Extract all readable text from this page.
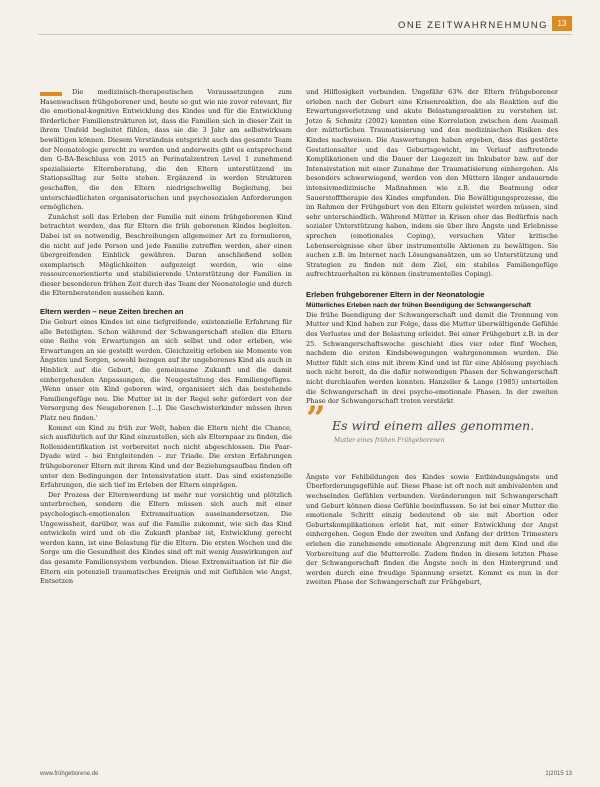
ONE ZEITWAHRNEHMUNG	13

Die medizinisch-therapeutischen Voraussetzungen zum Hasenwachsen frühgeborener und, heute so gut wie nie zuvor relevant, für die emotional-kognitive Entwicklung des Kindes und für die Entwicklung förderlicher Familienstrukturen ist, dass die Familien sich in dieser Zeit in ihrem Umfeld begleitet fühlen, dass sie die 3 Jahr am selbstwirksam bewältigen können. Diesem Verständnis entspricht auch das gesamte Team der Neonatologie gerecht zu werden und anderweits gibt es entsprechend den G-BA-Beschluss von 2015 an Perinatalzentren Level 1 zunehmend spezialisierte Elternberatung, die den Eltern unterstützend im Stationsalltag zur Seite stehen. Ergänzend in werden Strukturen geschaffen, die den Eltern niedrigschwellig Begleitung, bei unterschiedlichsten organisatorischen und psychosozialen Anforderungen ermöglichen.

Zunächst soll das Erleben der Familie mit einem frühgeborenen Kind betrachtet werden, das für Eltern die früh geborenen Kindes begleiten. Dabei ist es notwendig, Beschreibungen allgemeiner Art zu formulieren, die nicht auf jede Person und jede Familie zutreffen werden, aber einen übergreifenden Einblick gewähren. Daran anschließend sollen exemplarisch Möglichkeiten aufgezeigt werden, wie eine ressourcenorientierte und stabilisierende Unterstützung der Familien in dieser besonderen frühen Zeit durch das Team der Neonatologie und durch die Elternberatenden aussehen kann.

Eltern werden – neue Zeiten brechen an

Die Geburt eines Kindes ist eine tiefgreifende, existenzielle Erfahrung für alle Beteiligten. Schon während der Schwangerschaft stellen die Eltern eine Reihe von Erwartungen an sich selbst und oder erleben, wie Erwartungen an sie gestellt werden. Gleichzeitig erleben sie Momente von Ängsten und Sorgen, sowohl bezogen auf ihr ungeborenes Kind als auch in Hinblick auf die Geburt, die gemeinsame Zukunft und die damit einhergehenden Anpassungen, die Neugestaltung des Familiengefüges. ‚Wenn unser ein Kind geboren wird, organisiert sich das bestehende Familiengefüge neu. Die Mutter ist in der Regel sehr gefordert von der Versorgung des Neugeborenen [...]. Die Geschwisterkinder müssen ihren Platz neu finden.'

Kommt ein Kind zu früh zur Welt, haben die Eltern nicht die Chance, sich ausführlich auf ihr Kind einzustellen, sich als Elternpaar zu finden, die Rollenidentifikation ist vorbereitet noch nicht abgeschlossen. Die Paar-Dyade wird – bei Entgleitenden – zur Triade. Die ersten Erfahrungen frühgeborener Eltern mit ihrem Kind und der Beziehungsaufbau finden oft unter den Bedingungen der Intensivstation statt. Das sind existenzielle Erfahrungen, die sich tief im Erleben der Eltern einprägen.

Der Prozess der Elternwerdung ist mehr nur vorsichtig und plötzlich unterbrochen, sondern die Eltern müssen sich auch mit einer psychologisch-emotionalen Extremsituation auseinandersetzen. Die Ungewissheit, darüber, was auf die Familie zukommt, wie sich das Kind entwickeln wird und ob die Zukunft planbar ist, Entwicklung gerecht werden kann, ist eine Belastung für die Eltern. Die ersten Wochen und die Sorge um die Gesundheit des Kindes sind oft mit wenig Auswirkungen auf das gesamte Familiensystem verbunden. Diese Extremsituation ist für die Eltern ein potenziell traumatisches Ereignis und mit Gefühlen wie Angst, Entsetzen

und Hilflosigkeit verbunden. Ungefähr 63% der Eltern frühgeborener erleben nach der Geburt eine Krisenreaktion, die als Reaktion auf die Erwartungsverletzung und akute Belastungsreaktion zu verstehen ist. Jotzo & Schmitz (2002) konnten eine Korrelation zwischen dem Ausmaß der mütterlichen Traumatisierung und den medizinischen Risiken des Kindes nachweisen. Die Auswertungen haben ergeben, dass das gestörte Gestationsalter und das Geburtsgewicht, im Verlauf auftretende Komplikationen und die Dauer der Liegezeit im Inkubator bzw. auf der Intensivstation mit einer Zunahme der Traumatisierung einhergehen. Als besonders schwerwiegend, werden von den Müttern länger andauernde intensivmedizinische Maßnahmen wie z.B. die Beatmung oder Sauerstofftherapie des Kindes empfunden. Die Bewältigungsprozesse, die im Rahmen der Frühgeburt von den Eltern geleistet werden müssen, sind sehr unterschiedlich. Während Mütter in Krisen eher das Bedürfnis nach sozialer Unterstützung haben, indem sie über ihre Ängste und Erlebnisse sprechen (emotionales Coping), versuchen Väter kritische Lebensereignisse eher über instrumentelle Aktionen zu bewältigen. Sie suchen z.B. im Internet nach Lösungsansätzen, um so Unterstützung und Strategien zu finden mit dem Ziel, ein stabiles Familiengefüge aufrechtzuerhalten zu können (instrumentelles Coping).

Erleben frühgeborener Eltern in der Neonatologie
Mütterliches Erleben nach der frühen Beendigung der Schwangerschaft

Die frühe Beendigung der Schwangerschaft und damit die Trennung von Mutter und Kind haben zur Folge, dass die Mutter überwältigende Gefühle des Verlustes und der Belastung erleidet. Bei einer Frühgeburt z.B. in der 25. Schwangerschaftswoche geschieht dies vier oder fünf Wochen, nachdem die ersten Kindsbewegungen wahrgenommen wurden. Die Mutter fühlt sich eins mit ihrem Kind und ist für eine Ablösung psychisch noch nicht bereit, da die dafür notwendigen Phasen der Schwangerschaft nicht durchlaufen werden konnten. Hanzeller & Lange (1985) unterteilen die Schwangerschaft in drei psycho-emotionale Phasen. In der zweiten Phase der Schwangerschaft treten verstärkt

” Es wird einem alles genommen.
Mutter eines frühen Frühgeborenen

Ängste vor Fehlbildungen des Kindes sowie Entbindungsängste und Überforderungsgefühle auf. Diese Phase ist oft noch mit ambivalenten und wechselnden Gefühlen verbunden. Veränderungen mit Schwangerschaft und Geburt können diese Gefühle beeinflussen. So ist bei einer Mutter die emotionale Schritt einzig bedeutend ob sie mit Abortion oder Geburtskomplikationen erlebt hat, mit einer Entwicklung der Angst einhergehen. Gegen Ende der zweiten und Anfang der dritten Trimesters erleben die zunehmende emotionale Abgrenzung mit dem Kind und die Vorbereitung auf die Mutterrolle. Zudem finden in diesem letzten Phase der Schwangerschaft finden die Ängste noch in den Hintergrund und werden durch eine freudige Spannung ersetzt. Kommt es nun in der zweiten Phase der Schwangerschaft zur Frühgeburt,

www.frühgeborene.de	1|2015 13
